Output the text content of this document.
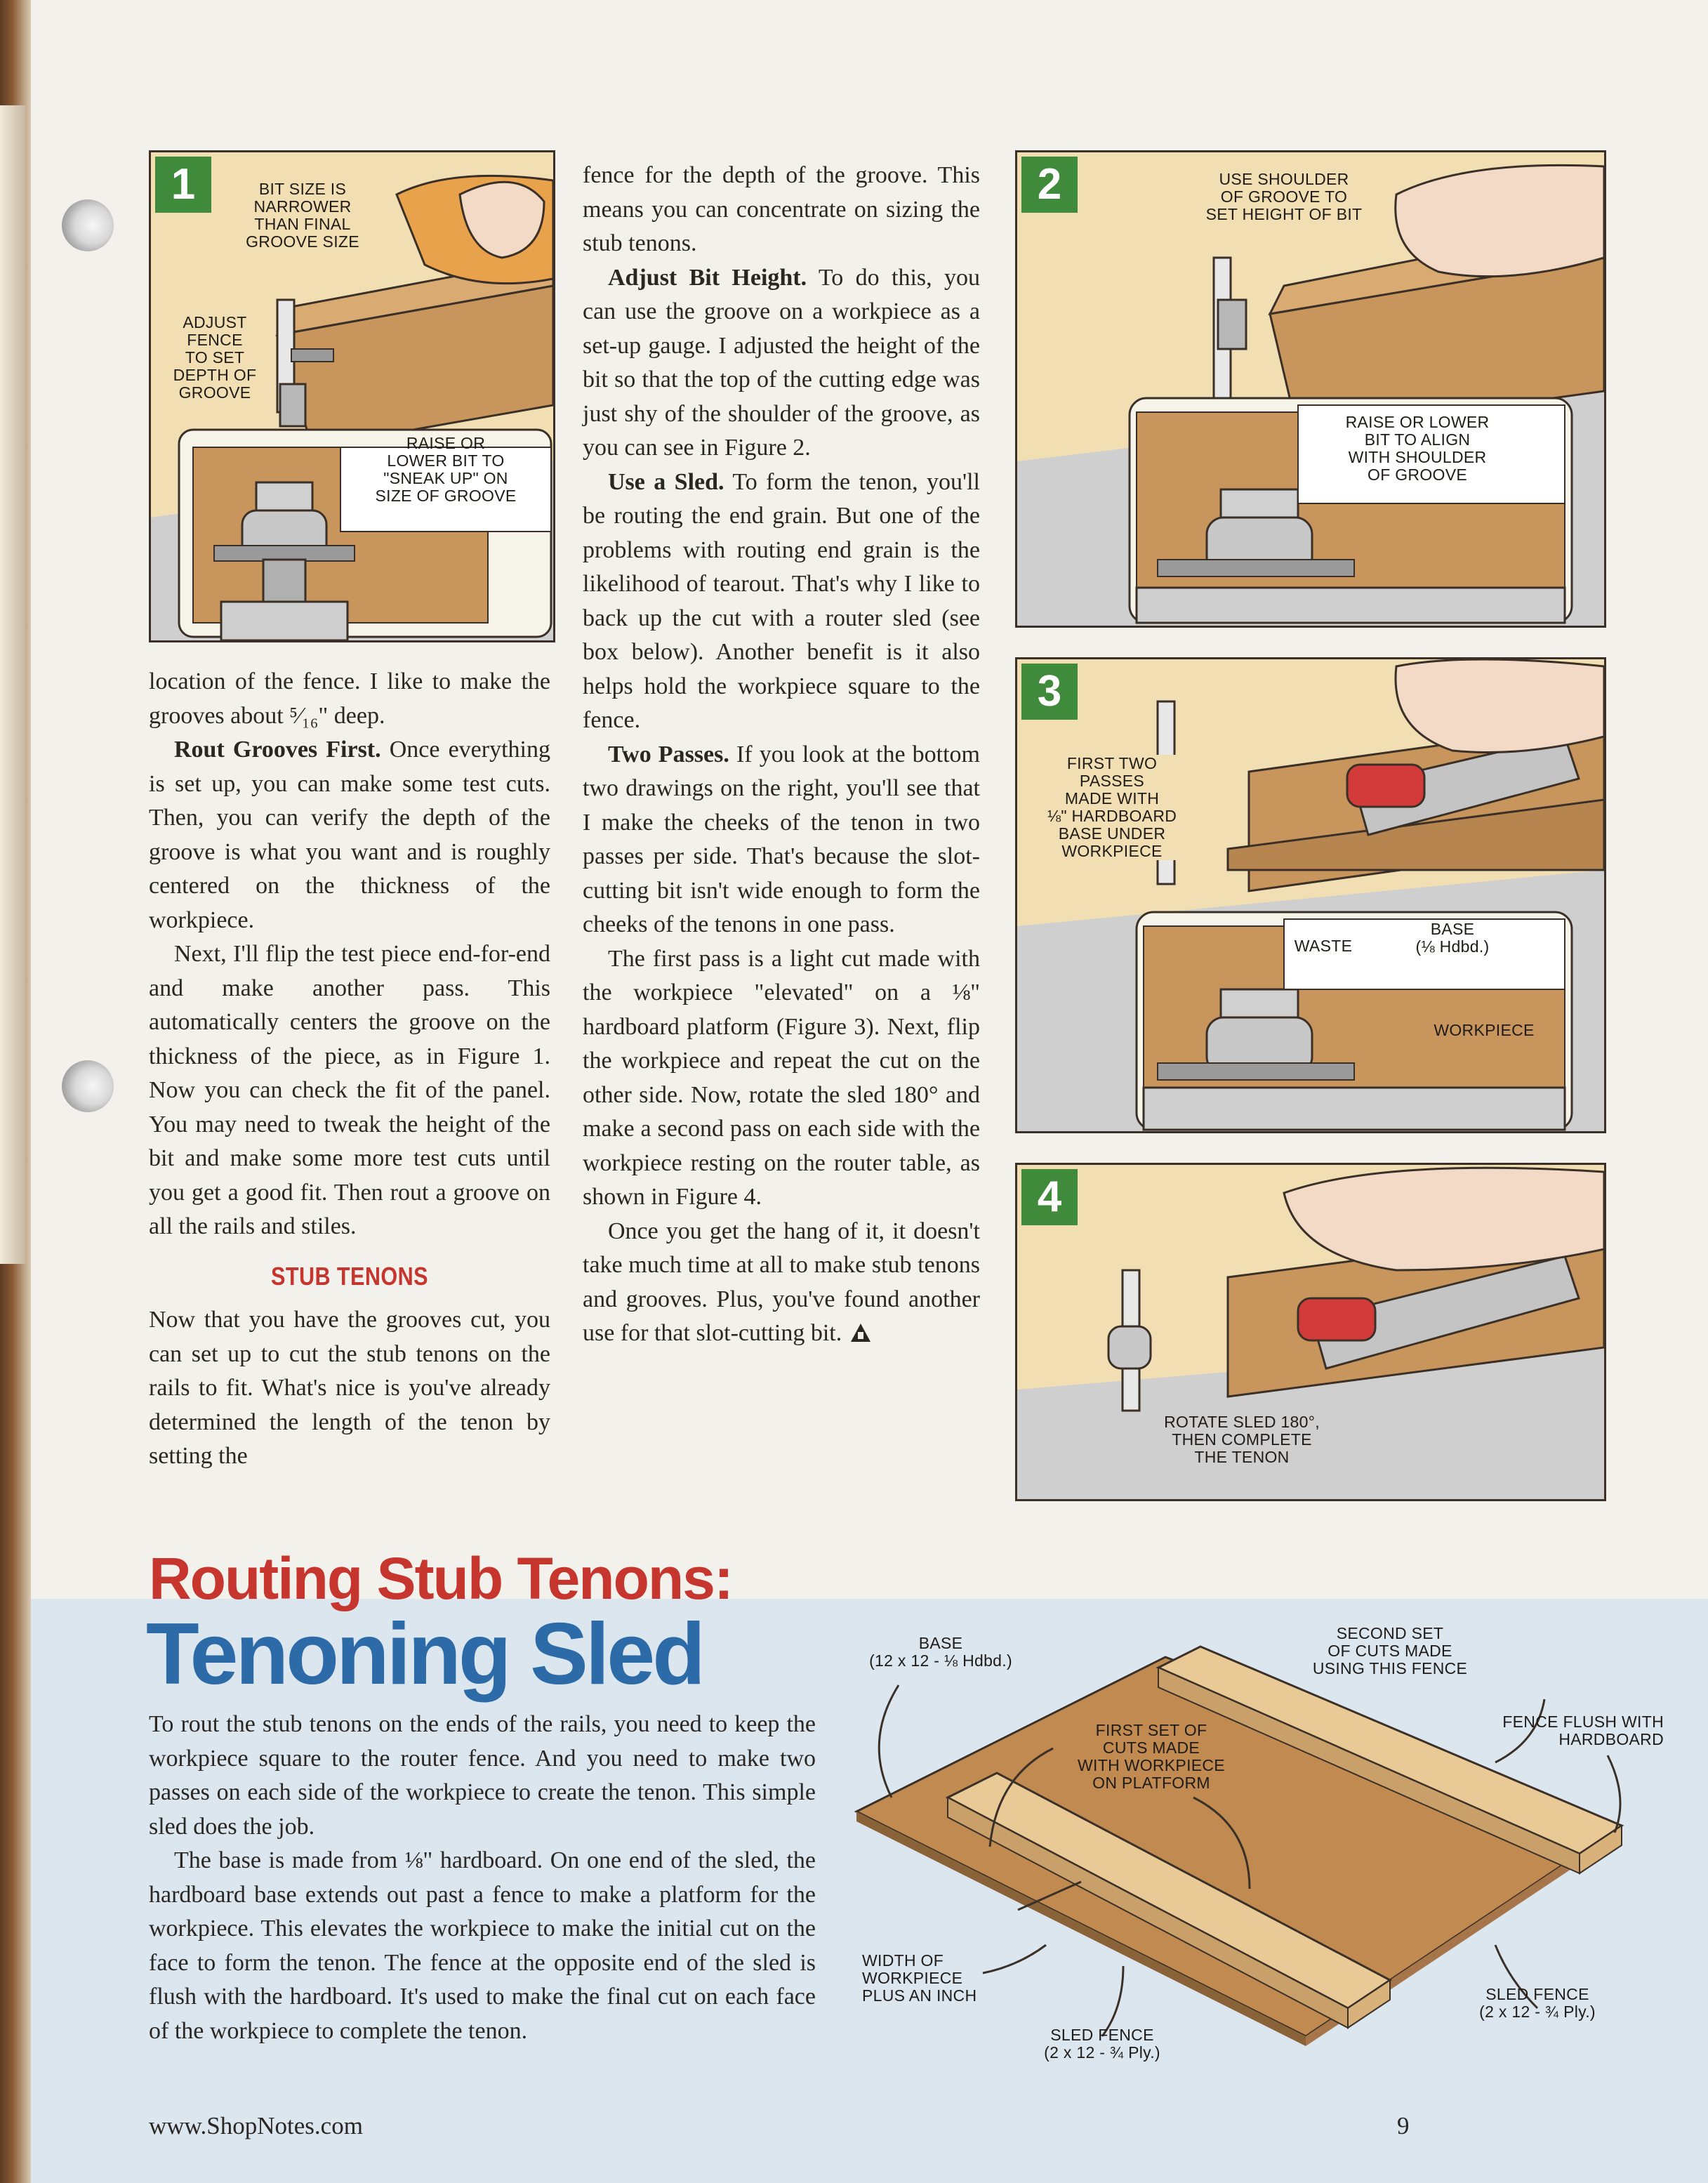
1	BIT SIZE IS
NARROWER
THAN FINAL
GROOVE SIZE
ADJUST
FENCE
TO SET
DEPTH OF
GROOVE
RAISE OR
LOWER BIT TO
"SNEAK UP" ON
SIZE OF GROOVE
2	USE SHOULDER
OF GROOVE TO
SET HEIGHT OF BIT
RAISE OR LOWER
BIT TO ALIGN
WITH SHOULDER
OF GROOVE
3
FIRST TWO
PASSES
MADE WITH
⅛" HARDBOARD
BASE UNDER
WORKPIECE
WASTE
BASE
(⅛ Hdbd.)
WORKPIECE
4
ROTATE SLED 180°,
THEN COMPLETE
THE TENON

location of the fence. I like to make the grooves about ⁵⁄₁₆" deep.

Rout Grooves First. Once everything is set up, you can make some test cuts. Then, you can verify the depth of the groove is what you want and is roughly centered on the thickness of the workpiece.

Next, I'll flip the test piece end-for-end and make another pass. This automatically centers the groove on the thickness of the piece, as in Figure 1. Now you can check the fit of the panel. You may need to tweak the height of the bit and make some more test cuts until you get a good fit. Then rout a groove on all the rails and stiles.

STUB TENONS

Now that you have the grooves cut, you can set up to cut the stub tenons on the rails to fit. What's nice is you've already determined the length of the tenon by setting the

fence for the depth of the groove. This means you can concentrate on sizing the stub tenons.

Adjust Bit Height. To do this, you can use the groove on a workpiece as a set-up gauge. I adjusted the height of the bit so that the top of the cutting edge was just shy of the shoulder of the groove, as you can see in Figure 2.

Use a Sled. To form the tenon, you'll be routing the end grain. But one of the problems with routing end grain is the likelihood of tearout. That's why I like to back up the cut with a router sled (see box below). Another benefit is it also helps hold the workpiece square to the fence.

Two Passes. If you look at the bottom two drawings on the right, you'll see that I make the cheeks of the tenon in two passes per side. That's because the slot-cutting bit isn't wide enough to form the cheeks of the tenons in one pass.

The first pass is a light cut made with the workpiece "elevated" on a ⅛" hardboard platform (Figure 3). Next, flip the workpiece and repeat the cut on the other side. Now, rotate the sled 180° and make a second pass on each side with the workpiece resting on the router table, as shown in Figure 4.

Once you get the hang of it, it doesn't take much time at all to make stub tenons and grooves. Plus, you've found another use for that slot-cutting bit.

Routing Stub Tenons:
Tenoning Sled

To rout the stub tenons on the ends of the rails, you need to keep the workpiece square to the router fence. And you need to make two passes on each side of the workpiece to create the tenon. This simple sled does the job.

The base is made from ⅛" hardboard. On one end of the sled, the hardboard base extends out past a fence to make a platform for the workpiece. This elevates the workpiece to make the initial cut on the face to form the tenon. The fence at the opposite end of the sled is flush with the hardboard. It's used to make the final cut on each face of the workpiece to complete the tenon.

BASE
(12 x 12 - ⅛ Hdbd.)
SECOND SET
OF CUTS MADE
USING THIS FENCE
FIRST SET OF
CUTS MADE
WITH WORKPIECE
ON PLATFORM
FENCE FLUSH WITH
HARDBOARD
WIDTH OF
WORKPIECE
PLUS AN INCH
SLED FENCE
(2 x 12 - ¾ Ply.)
SLED FENCE
(2 x 12 - ¾ Ply.)
www.ShopNotes.com	9
